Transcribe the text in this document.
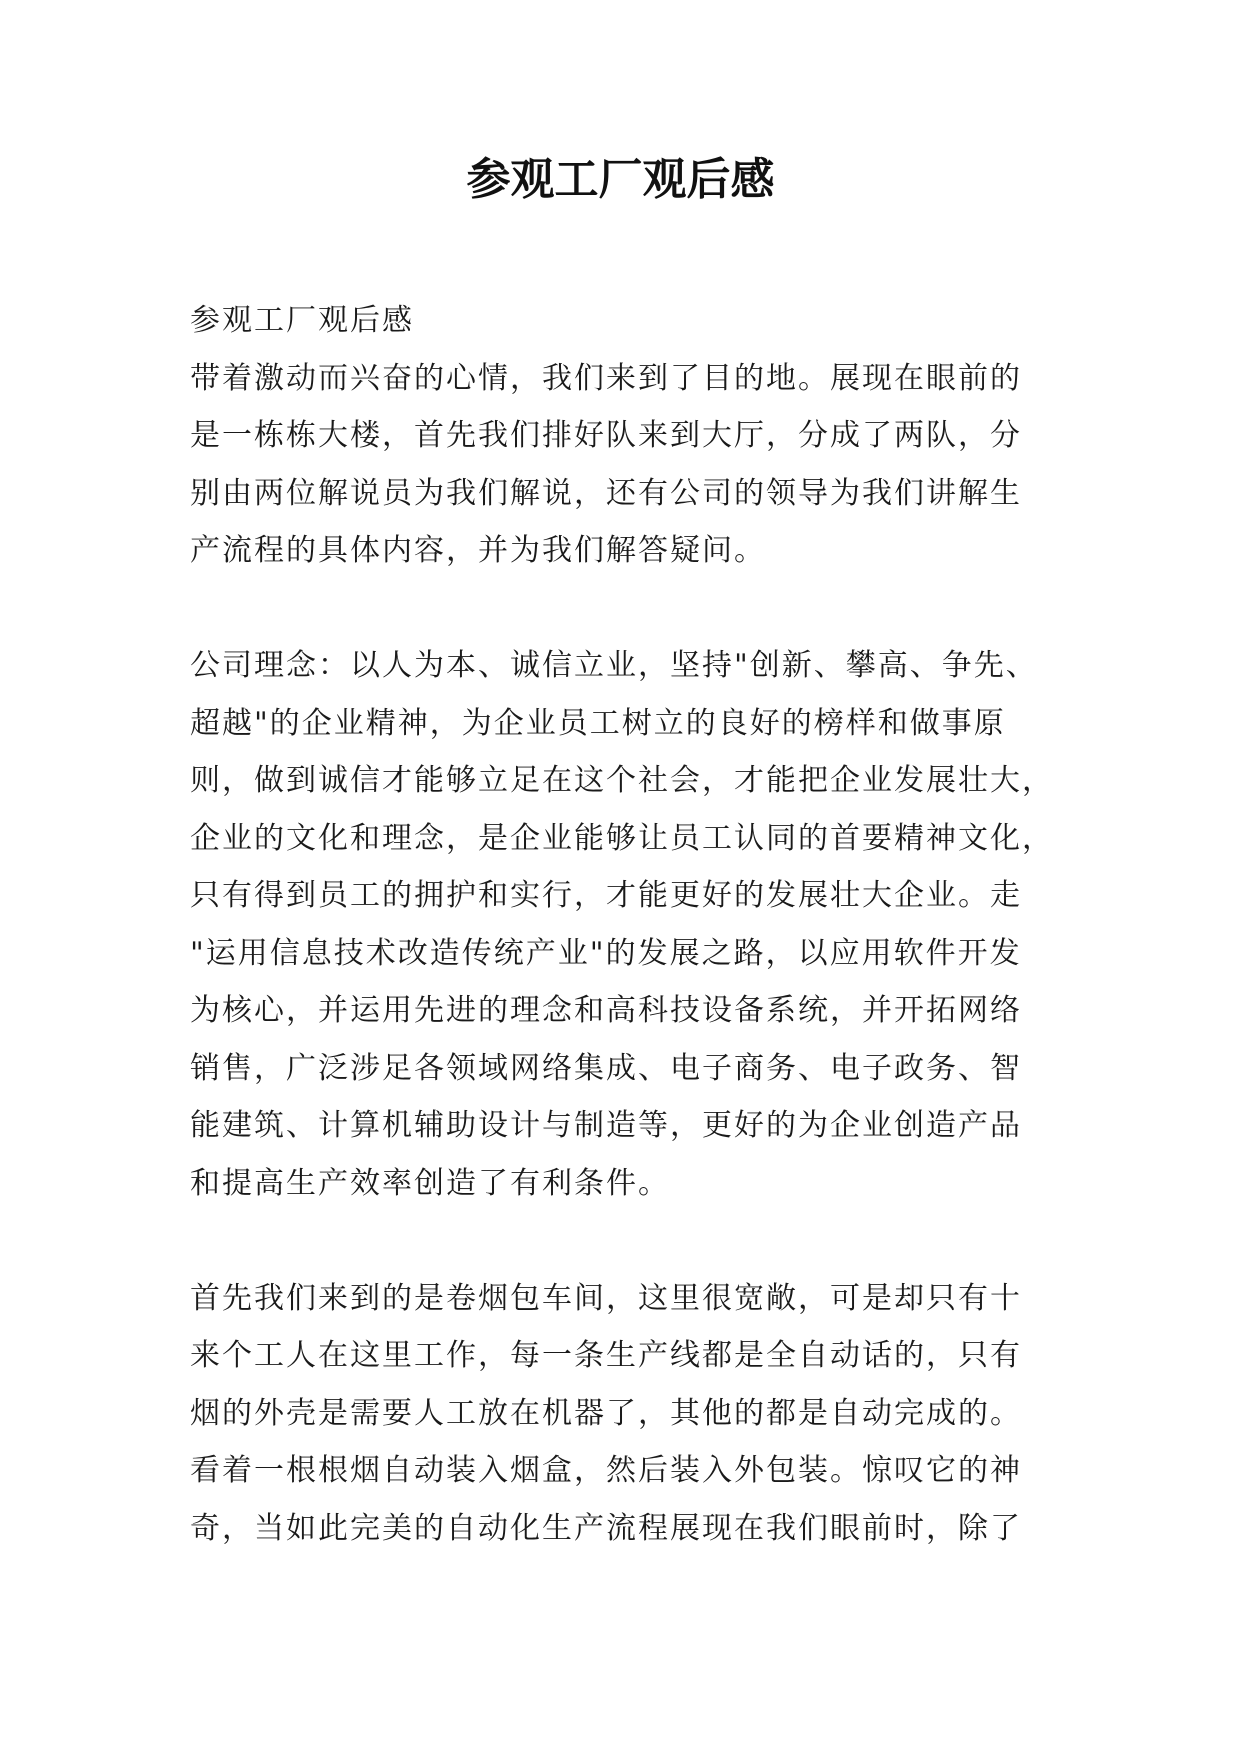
参观工厂观后感
参观工厂观后感
带着激动而兴奋的心情，我们来到了目的地。展现在眼前的
是一栋栋大楼，首先我们排好队来到大厅，分成了两队，分
别由两位解说员为我们解说，还有公司的领导为我们讲解生
产流程的具体内容，并为我们解答疑问。
公司理念：以人为本、诚信立业，坚持"创新、攀高、争先、
超越"的企业精神，为企业员工树立的良好的榜样和做事原
则，做到诚信才能够立足在这个社会，才能把企业发展壮大，
企业的文化和理念，是企业能够让员工认同的首要精神文化，
只有得到员工的拥护和实行，才能更好的发展壮大企业。走
"运用信息技术改造传统产业"的发展之路，以应用软件开发
为核心，并运用先进的理念和高科技设备系统，并开拓网络
销售，广泛涉足各领域网络集成、电子商务、电子政务、智
能建筑、计算机辅助设计与制造等，更好的为企业创造产品
和提高生产效率创造了有利条件。
首先我们来到的是卷烟包车间，这里很宽敞，可是却只有十
来个工人在这里工作，每一条生产线都是全自动话的，只有
烟的外壳是需要人工放在机器了，其他的都是自动完成的。
看着一根根烟自动装入烟盒，然后装入外包装。惊叹它的神
奇，当如此完美的自动化生产流程展现在我们眼前时，除了
